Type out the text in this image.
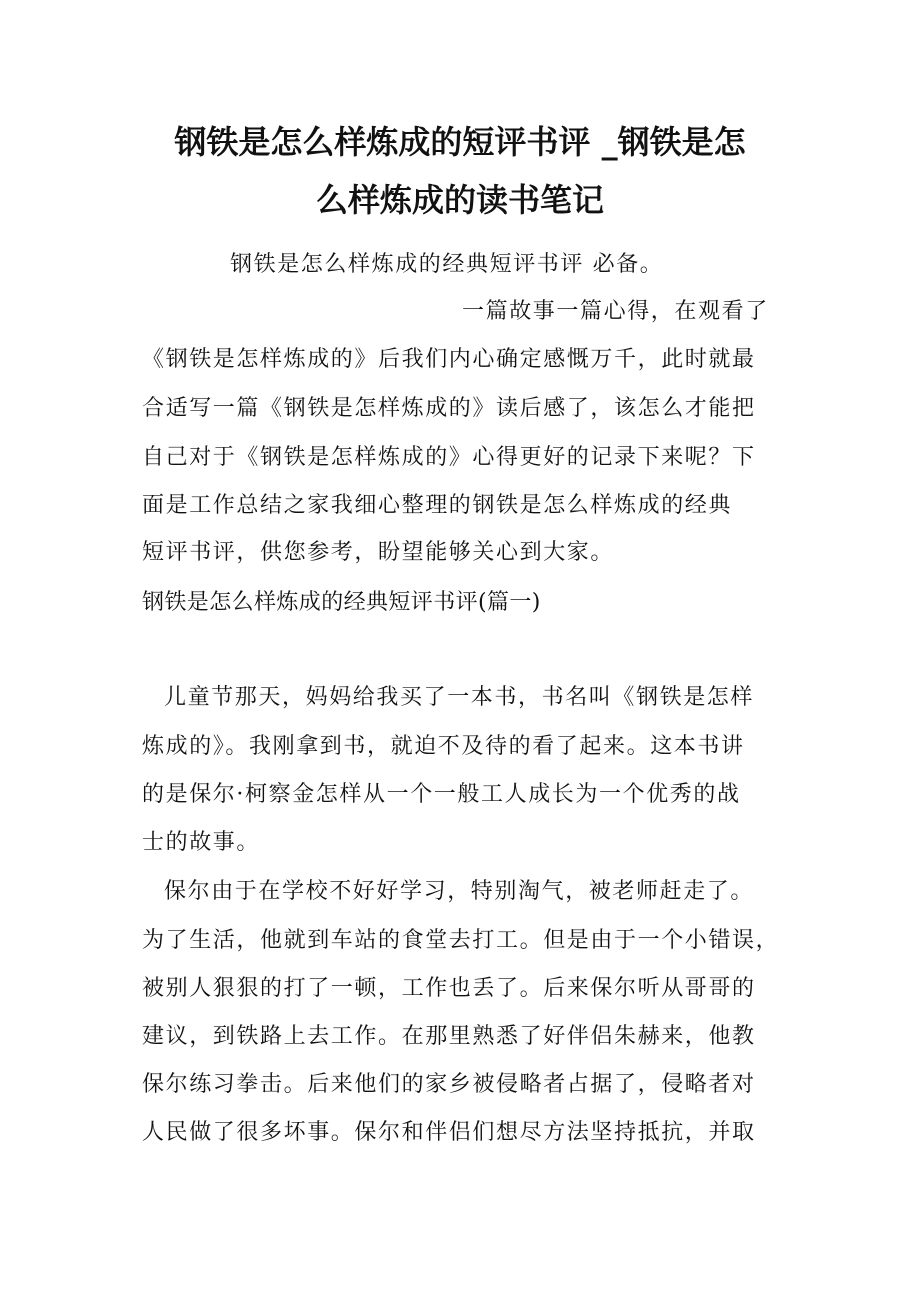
钢铁是怎么样炼成的短评书评 _钢铁是怎
么样炼成的读书笔记
钢铁是怎么样炼成的经典短评书评 必备。
一篇故事一篇心得，在观看了
《钢铁是怎样炼成的》后我们内心确定感慨万千，此时就最
合适写一篇《钢铁是怎样炼成的》读后感了，该怎么才能把
自己对于《钢铁是怎样炼成的》心得更好的记录下来呢？下
面是工作总结之家我细心整理的钢铁是怎么样炼成的经典
短评书评，供您参考，盼望能够关心到大家。
钢铁是怎么样炼成的经典短评书评(篇一)
儿童节那天，妈妈给我买了一本书，书名叫《钢铁是怎样
炼成的》。我刚拿到书，就迫不及待的看了起来。这本书讲
的是保尔·柯察金怎样从一个一般工人成长为一个优秀的战
士的故事。
保尔由于在学校不好好学习，特别淘气，被老师赶走了。
为了生活，他就到车站的食堂去打工。但是由于一个小错误，
被别人狠狠的打了一顿，工作也丢了。后来保尔听从哥哥的
建议，到铁路上去工作。在那里熟悉了好伴侣朱赫来，他教
保尔练习拳击。后来他们的家乡被侵略者占据了，侵略者对
人民做了很多坏事。保尔和伴侣们想尽方法坚持抵抗，并取
